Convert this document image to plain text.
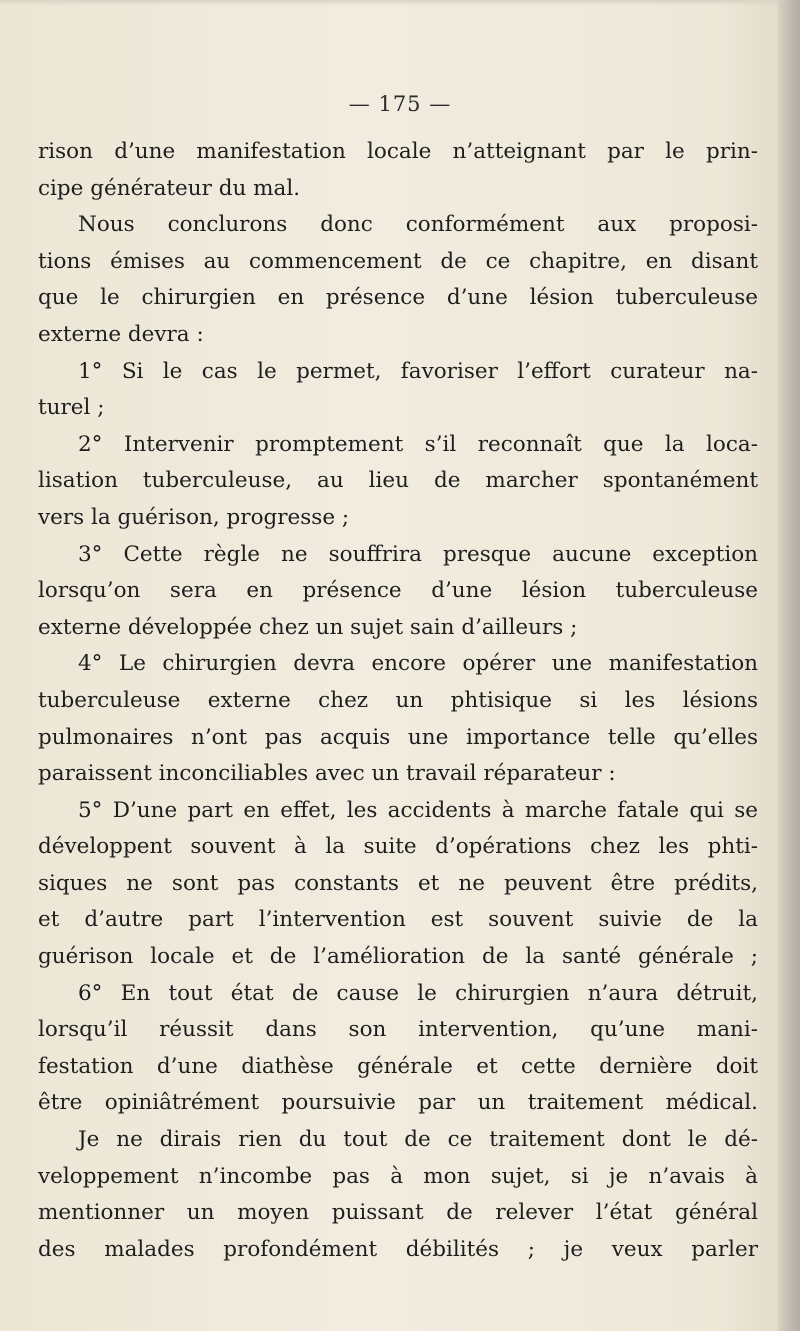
— 175 —
rison d’une manifestation locale n’atteignant par le prin-
cipe générateur du mal.
Nous conclurons donc conformément aux proposi-
tions émises au commencement de ce chapitre, en disant
que le chirurgien en présence d’une lésion tuberculeuse
externe devra :
1° Si le cas le permet, favoriser l’effort curateur na-
turel ;
2° Intervenir promptement s’il reconnaît que la loca-
lisation tuberculeuse, au lieu de marcher spontanément
vers la guérison, progresse ;
3° Cette règle ne souffrira presque aucune exception
lorsqu’on sera en présence d’une lésion tuberculeuse
externe développée chez un sujet sain d’ailleurs ;
4° Le chirurgien devra encore opérer une manifestation
tuberculeuse externe chez un phtisique si les lésions
pulmonaires n’ont pas acquis une importance telle qu’elles
paraissent inconciliables avec un travail réparateur :
5° D’une part en effet, les accidents à marche fatale qui se
développent souvent à la suite d’opérations chez les phti-
siques ne sont pas constants et ne peuvent être prédits,
et d’autre part l’intervention est souvent suivie de la
guérison locale et de l’amélioration de la santé générale ;
6° En tout état de cause le chirurgien n’aura détruit,
lorsqu’il réussit dans son intervention, qu’une mani-
festation d’une diathèse générale et cette dernière doit
être opiniâtrément poursuivie par un traitement médical.
Je ne dirais rien du tout de ce traitement dont le dé-
veloppement n’incombe pas à mon sujet, si je n’avais à
mentionner un moyen puissant de relever l’état général
des malades profondément débilités ; je veux parler
